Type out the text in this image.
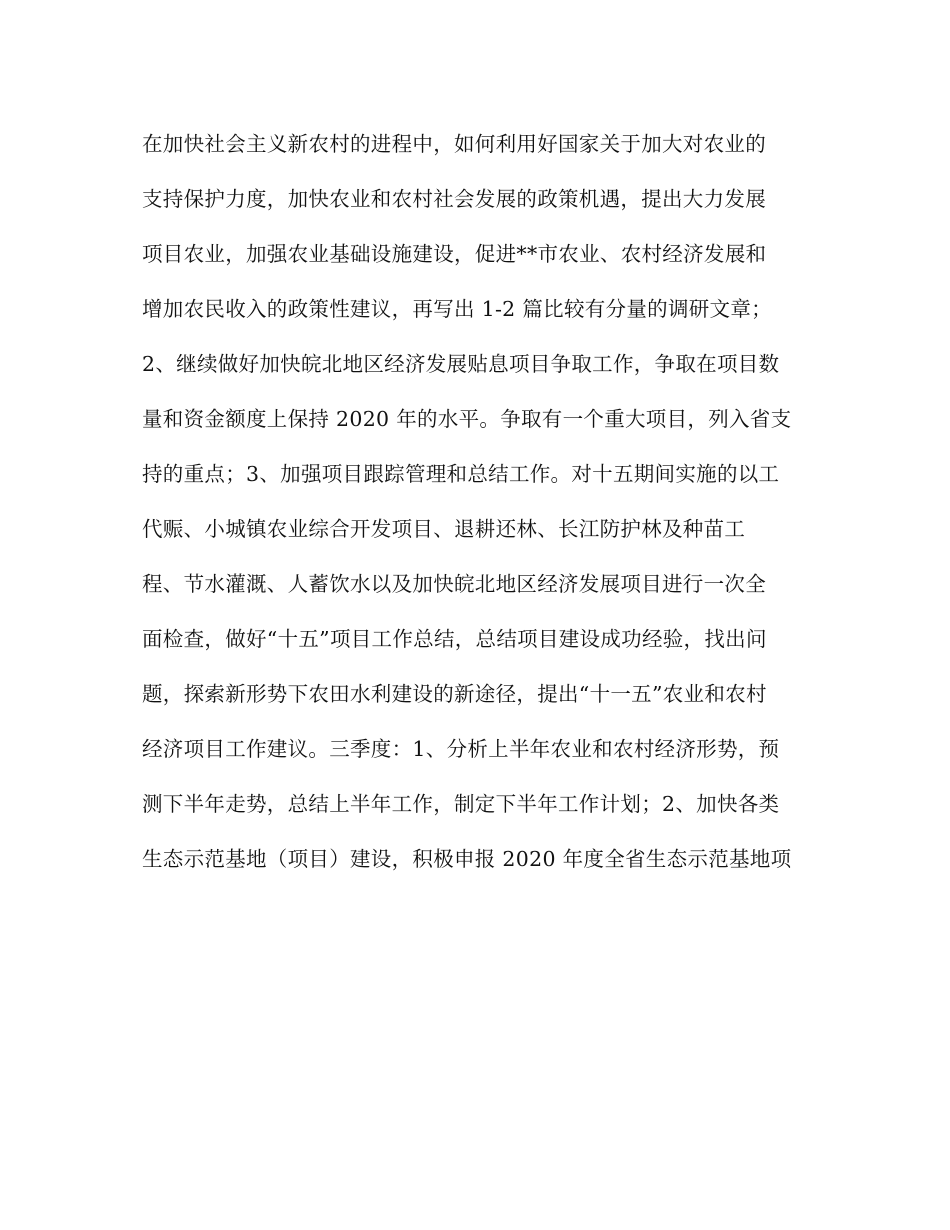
在加快社会主义新农村的进程中，如何利用好国家关于加大对农业的
支持保护力度，加快农业和农村社会发展的政策机遇，提出大力发展
项目农业，加强农业基础设施建设，促进**市农业、农村经济发展和
增加农民收入的政策性建议，再写出 1-2 篇比较有分量的调研文章；
2、继续做好加快皖北地区经济发展贴息项目争取工作，争取在项目数
量和资金额度上保持 2020 年的水平。争取有一个重大项目，列入省支
持的重点；3、加强项目跟踪管理和总结工作。对十五期间实施的以工
代赈、小城镇农业综合开发项目、退耕还林、长江防护林及种苗工
程、节水灌溉、人蓄饮水以及加快皖北地区经济发展项目进行一次全
面检查，做好“十五”项目工作总结，总结项目建设成功经验，找出问
题，探索新形势下农田水利建设的新途径，提出“十一五”农业和农村
经济项目工作建议。三季度：1、分析上半年农业和农村经济形势，预
测下半年走势，总结上半年工作，制定下半年工作计划；2、加快各类
生态示范基地（项目）建设，积极申报 2020 年度全省生态示范基地项
